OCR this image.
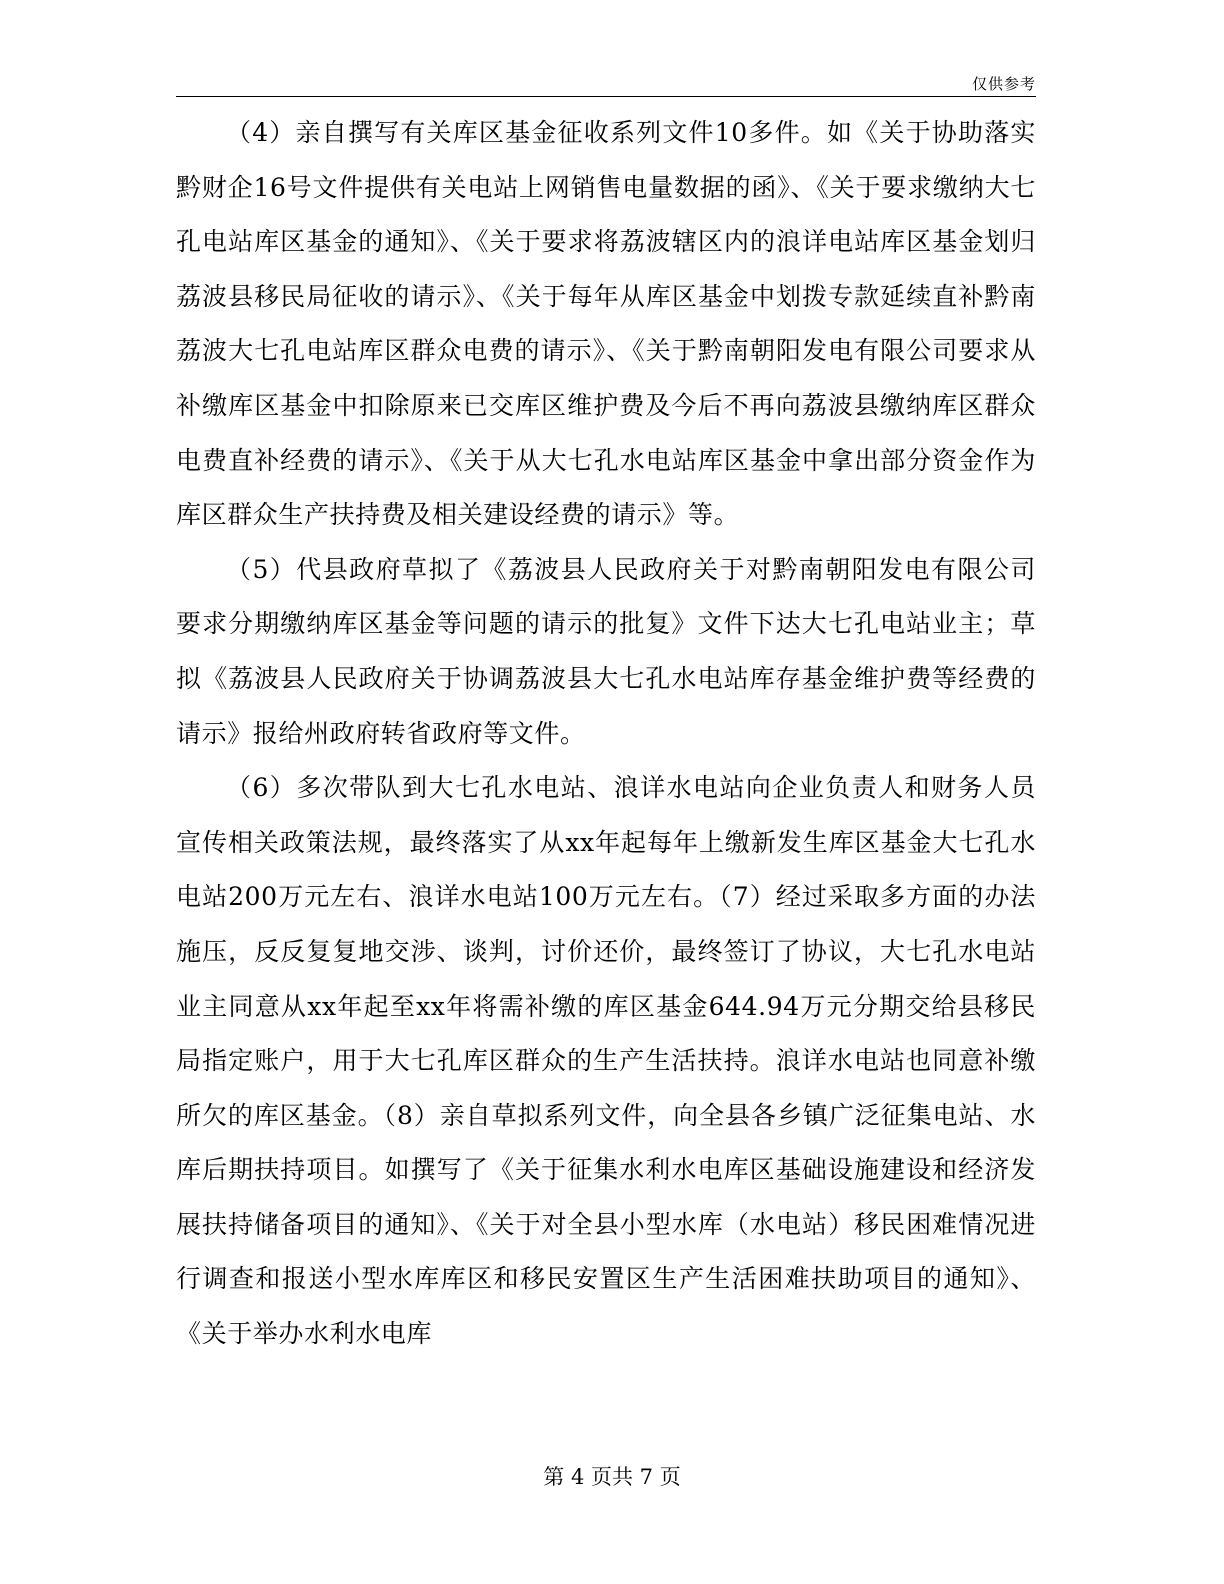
仅供参考

（4）亲自撰写有关库区基金征收系列文件10多件。如《关于协助落实黔财企16号文件提供有关电站上网销售电量数据的函》、《关于要求缴纳大七孔电站库区基金的通知》、《关于要求将荔波辖区内的浪详电站库区基金划归荔波县移民局征收的请示》、《关于每年从库区基金中划拨专款延续直补黔南荔波大七孔电站库区群众电费的请示》、《关于黔南朝阳发电有限公司要求从补缴库区基金中扣除原来已交库区维护费及今后不再向荔波县缴纳库区群众电费直补经费的请示》、《关于从大七孔水电站库区基金中拿出部分资金作为库区群众生产扶持费及相关建设经费的请示》等。

（5）代县政府草拟了《荔波县人民政府关于对黔南朝阳发电有限公司要求分期缴纳库区基金等问题的请示的批复》文件下达大七孔电站业主；草拟《荔波县人民政府关于协调荔波县大七孔水电站库存基金维护费等经费的请示》报给州政府转省政府等文件。

（6）多次带队到大七孔水电站、浪详水电站向企业负责人和财务人员宣传相关政策法规，最终落实了从xx年起每年上缴新发生库区基金大七孔水电站200万元左右、浪详水电站100万元左右。（7）经过采取多方面的办法施压，反反复复地交涉、谈判，讨价还价，最终签订了协议，大七孔水电站业主同意从xx年起至xx年将需补缴的库区基金644.94万元分期交给县移民局指定账户，用于大七孔库区群众的生产生活扶持。浪详水电站也同意补缴所欠的库区基金。（8）亲自草拟系列文件，向全县各乡镇广泛征集电站、水库后期扶持项目。如撰写了《关于征集水利水电库区基础设施建设和经济发展扶持储备项目的通知》、《关于对全县小型水库（水电站）移民困难情况进行调查和报送小型水库库区和移民安置区生产生活困难扶助项目的通知》、《关于举办水利水电库

第 4 页共 7 页
